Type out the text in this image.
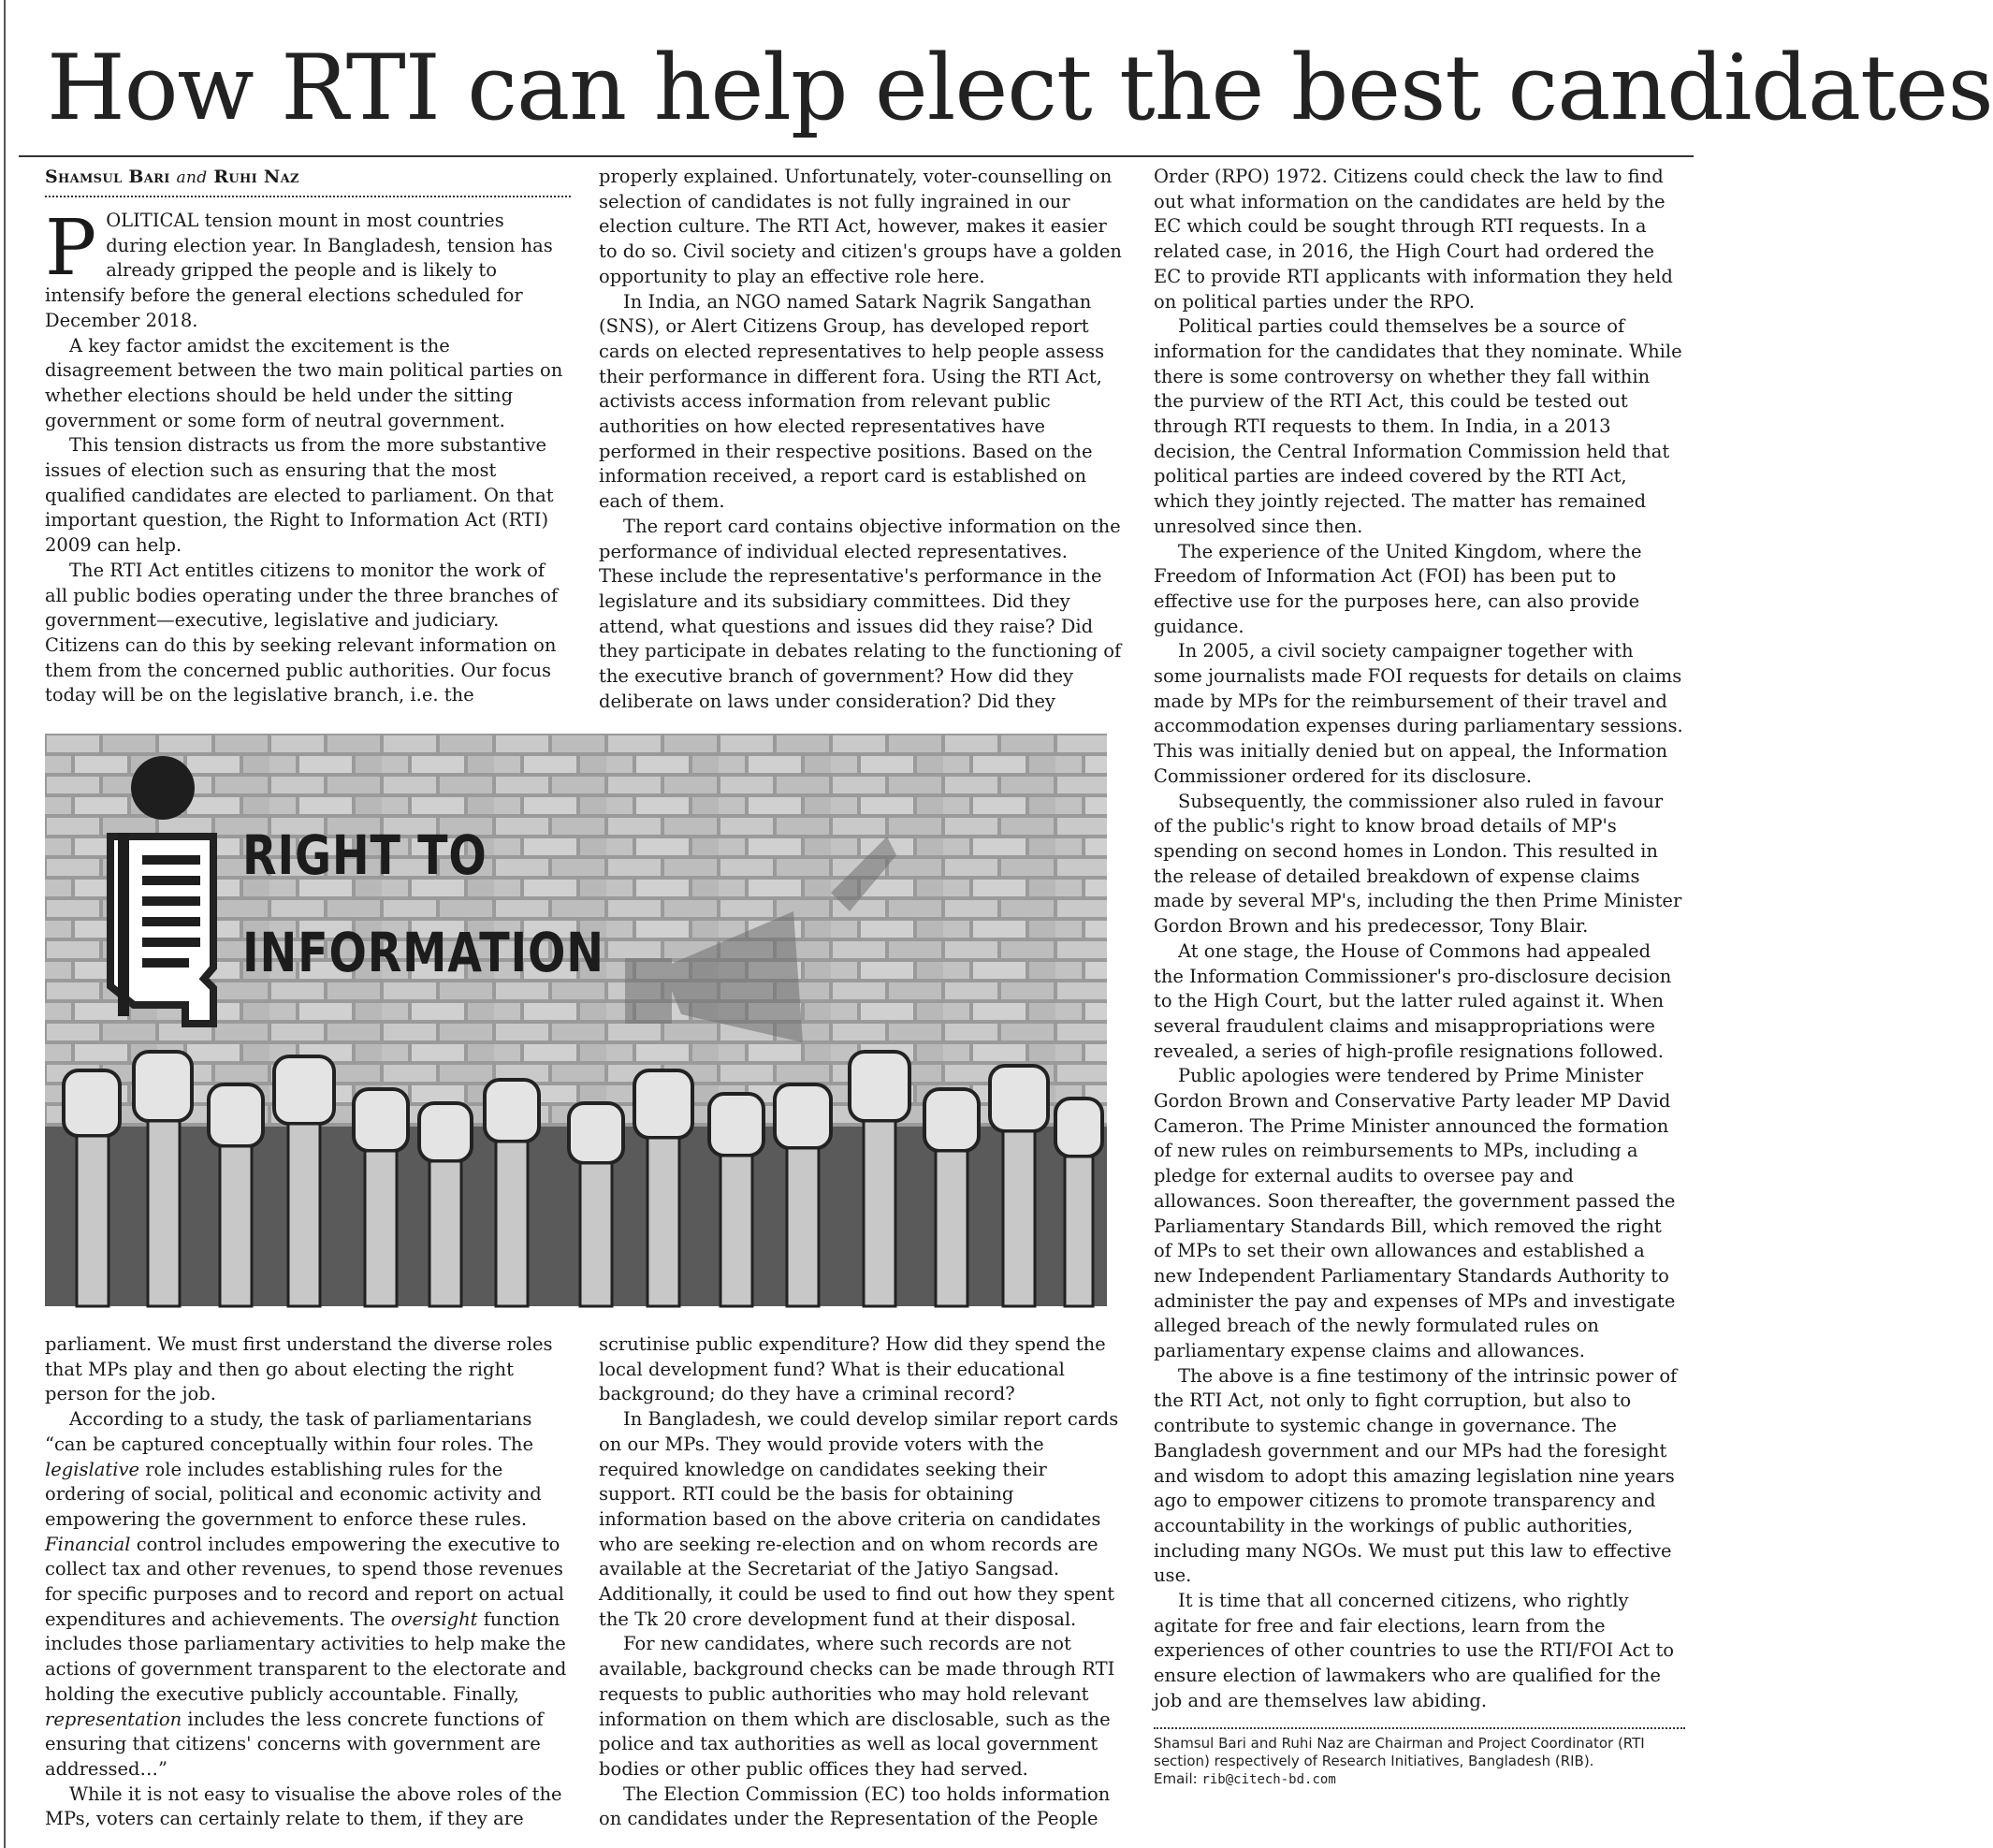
How RTI can help elect the best candidates
Shamsul Bari and Ruhi Naz

POLITICAL tension mount in most countries during election year. In Bangladesh, tension has already gripped the people and is likely to intensify before the general elections scheduled for December 2018.

A key factor amidst the excitement is the disagreement between the two main political parties on whether elections should be held under the sitting government or some form of neutral government.

This tension distracts us from the more substantive issues of election such as ensuring that the most qualified candidates are elected to parliament. On that important question, the Right to Information Act (RTI) 2009 can help.

The RTI Act entitles citizens to monitor the work of all public bodies operating under the three branches of government—executive, legislative and judiciary. Citizens can do this by seeking relevant information on them from the concerned public authorities. Our focus today will be on the legislative branch, i.e. the

properly explained. Unfortunately, voter-counselling on selection of candidates is not fully ingrained in our election culture. The RTI Act, however, makes it easier to do so. Civil society and citizen's groups have a golden opportunity to play an effective role here.

In India, an NGO named Satark Nagrik Sangathan (SNS), or Alert Citizens Group, has developed report cards on elected representatives to help people assess their performance in different fora. Using the RTI Act, activists access information from relevant public authorities on how elected representatives have performed in their respective positions. Based on the information received, a report card is established on each of them.

The report card contains objective information on the performance of individual elected representatives. These include the representative's performance in the legislature and its subsidiary committees. Did they attend, what questions and issues did they raise? Did they participate in debates relating to the functioning of the executive branch of government? How did they deliberate on laws under consideration? Did they

RIGHT TO
INFORMATION

Order (RPO) 1972. Citizens could check the law to find out what information on the candidates are held by the EC which could be sought through RTI requests. In a related case, in 2016, the High Court had ordered the EC to provide RTI applicants with information they held on political parties under the RPO.

Political parties could themselves be a source of information for the candidates that they nominate. While there is some controversy on whether they fall within the purview of the RTI Act, this could be tested out through RTI requests to them. In India, in a 2013 decision, the Central Information Commission held that political parties are indeed covered by the RTI Act, which they jointly rejected. The matter has remained unresolved since then.

The experience of the United Kingdom, where the Freedom of Information Act (FOI) has been put to effective use for the purposes here, can also provide guidance.

In 2005, a civil society campaigner together with some journalists made FOI requests for details on claims made by MPs for the reimbursement of their travel and accommodation expenses during parliamentary sessions. This was initially denied but on appeal, the Information Commissioner ordered for its disclosure.

Subsequently, the commissioner also ruled in favour of the public's right to know broad details of MP's spending on second homes in London. This resulted in the release of detailed breakdown of expense claims made by several MP's, including the then Prime Minister Gordon Brown and his predecessor, Tony Blair.

At one stage, the House of Commons had appealed the Information Commissioner's pro-disclosure decision to the High Court, but the latter ruled against it. When several fraudulent claims and misappropriations were revealed, a series of high-profile resignations followed.

Public apologies were tendered by Prime Minister Gordon Brown and Conservative Party leader MP David Cameron. The Prime Minister announced the formation of new rules on reimbursements to MPs, including a pledge for external audits to oversee pay and allowances. Soon thereafter, the government passed the Parliamentary Standards Bill, which removed the right of MPs to set their own allowances and established a new Independent Parliamentary Standards Authority to administer the pay and expenses of MPs and investigate alleged breach of the newly formulated rules on parliamentary expense claims and allowances.

The above is a fine testimony of the intrinsic power of the RTI Act, not only to fight corruption, but also to contribute to systemic change in governance. The Bangladesh government and our MPs had the foresight and wisdom to adopt this amazing legislation nine years ago to empower citizens to promote transparency and accountability in the workings of public authorities, including many NGOs. We must put this law to effective use.

It is time that all concerned citizens, who rightly agitate for free and fair elections, learn from the experiences of other countries to use the RTI/FOI Act to ensure election of lawmakers who are qualified for the job and are themselves law abiding.

Shamsul Bari and Ruhi Naz are Chairman and Project Coordinator (RTI section) respectively of Research Initiatives, Bangladesh (RIB).
Email: rib@citech-bd.com

parliament. We must first understand the diverse roles that MPs play and then go about electing the right person for the job.

According to a study, the task of parliamentarians “can be captured conceptually within four roles. The legislative role includes establishing rules for the ordering of social, political and economic activity and empowering the government to enforce these rules. Financial control includes empowering the executive to collect tax and other revenues, to spend those revenues for specific purposes and to record and report on actual expenditures and achievements. The oversight function includes those parliamentary activities to help make the actions of government transparent to the electorate and holding the executive publicly accountable. Finally, representation includes the less concrete functions of ensuring that citizens' concerns with government are addressed…”

While it is not easy to visualise the above roles of the MPs, voters can certainly relate to them, if they are

scrutinise public expenditure? How did they spend the local development fund? What is their educational background; do they have a criminal record?

In Bangladesh, we could develop similar report cards on our MPs. They would provide voters with the required knowledge on candidates seeking their support. RTI could be the basis for obtaining information based on the above criteria on candidates who are seeking re-election and on whom records are available at the Secretariat of the Jatiyo Sangsad. Additionally, it could be used to find out how they spent the Tk 20 crore development fund at their disposal.

For new candidates, where such records are not available, background checks can be made through RTI requests to public authorities who may hold relevant information on them which are disclosable, such as the police and tax authorities as well as local government bodies or other public offices they had served.

The Election Commission (EC) too holds information on candidates under the Representation of the People
